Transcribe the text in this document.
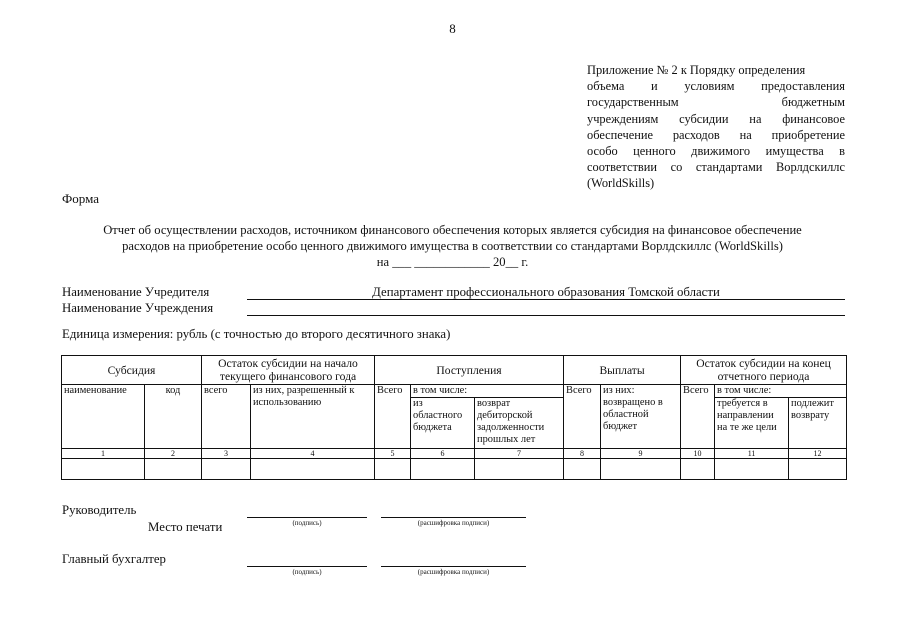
8
Приложение № 2 к Порядку определения
объема и условиям предоставления
государственным бюджетным
учреждениям субсидии на финансовое
обеспечение расходов на приобретение
особо ценного движимого имущества в
соответствии со стандартами Ворлдскиллс
(WorldSkills)
Форма
Отчет об осуществлении расходов, источником финансового обеспечения которых является субсидия на финансовое обеспечение
расходов на приобретение особо ценного движимого имущества в соответствии со стандартами Ворлдскиллс (WorldSkills)
на ___ ____________ 20__ г.
Наименование Учредителя	Департамент профессионального образования Томской области
Наименование Учреждения
Единица измерения: рубль (с точностью до второго десятичного знака)
Субсидия		Остаток субсидии на начало текущего финансового года		Поступления			Выплаты		Остаток субсидии на конец отчетного периода		
наименование	код	всего	из них, разрешенный к использованию	Всего	в том числе:		Всего	из них: возвращено в областной бюджет	Всего	в том числе:	
					из областного бюджета	возврат дебиторской задолженности прошлых лет				требуется в направлении на те же цели	подлежит возврату
1	2	3	4	5	6	7	8	9	10	11	12

Руководитель
Место печати	(подпись)	(расшифровка подписи)
Главный бухгалтер
(подпись)	(расшифровка подписи)
